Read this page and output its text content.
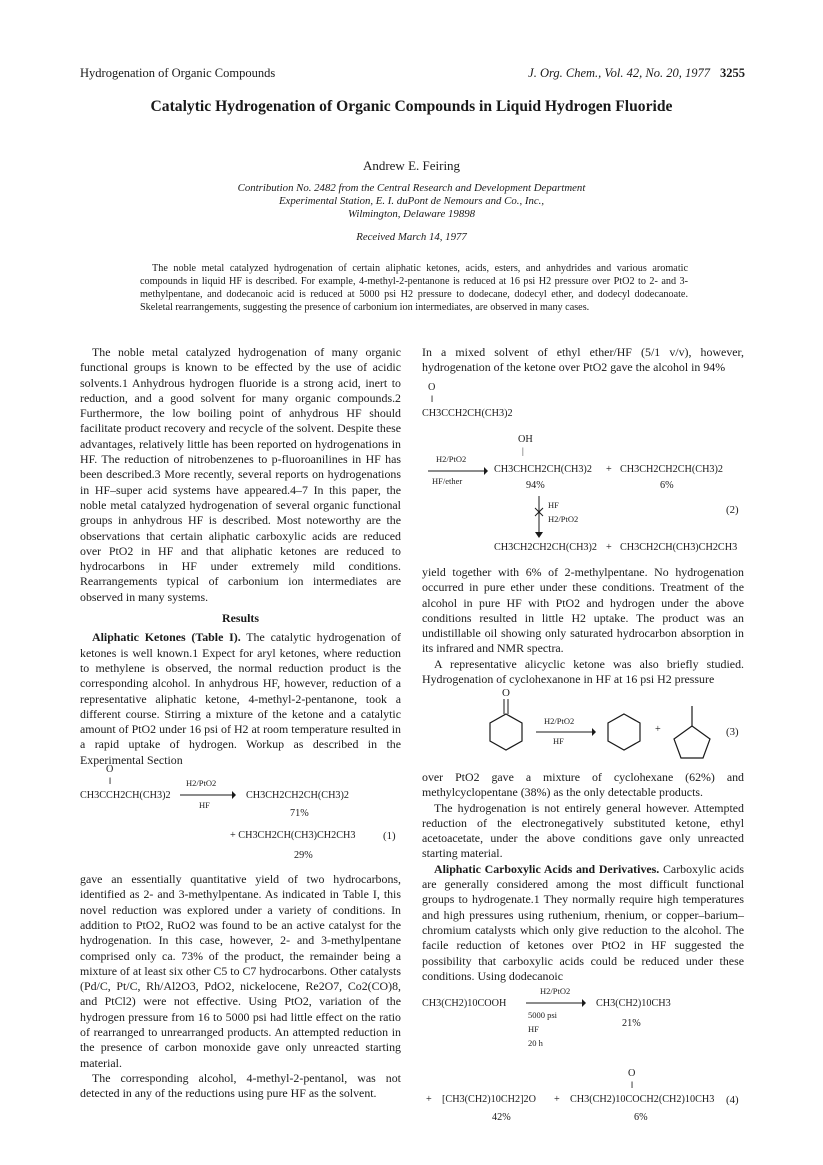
Hydrogenation of Organic Compounds	J. Org. Chem., Vol. 42, No. 20, 1977 3255
Catalytic Hydrogenation of Organic Compounds in Liquid Hydrogen Fluoride
Andrew E. Feiring
Contribution No. 2482 from the Central Research and Development Department
Experimental Station, E. I. duPont de Nemours and Co., Inc.,
Wilmington, Delaware 19898
Received March 14, 1977
The noble metal catalyzed hydrogenation of certain aliphatic ketones, acids, esters, and anhydrides and various aromatic compounds in liquid HF is described. For example, 4-methyl-2-pentanone is reduced at 16 psi H2 pressure over PtO2 to 2- and 3-methylpentane, and dodecanoic acid is reduced at 5000 psi H2 pressure to dodecane, dodecyl ether, and dodecyl dodecanoate. Skeletal rearrangements, suggesting the presence of carbonium ion intermediates, are observed in many cases.

The noble metal catalyzed hydrogenation of many organic functional groups is known to be effected by the use of acidic solvents.1 Anhydrous hydrogen fluoride is a strong acid, inert to reduction, and a good solvent for many organic compounds.2 Furthermore, the low boiling point of anhydrous HF should facilitate product recovery and recycle of the solvent. Despite these advantages, relatively little has been reported on hydrogenations in HF. The reduction of nitrobenzenes to p-fluoroanilines in HF has been described.3 More recently, several reports on hydrogenations in HF–super acid systems have appeared.4–7 In this paper, the noble metal catalyzed hydrogenation of several organic functional groups in anhydrous HF is described. Most noteworthy are the observations that certain aliphatic carboxylic acids are reduced over PtO2 in HF and that aliphatic ketones are reduced to hydrocarbons in HF under extremely mild conditions. Rearrangements typical of carbonium ion intermediates are observed in many systems.

Results

Aliphatic Ketones (Table I). The catalytic hydrogenation of ketones is well known.1 Expect for aryl ketones, where reduction to methylene is observed, the normal reduction product is the corresponding alcohol. In anhydrous HF, however, reduction of a representative aliphatic ketone, 4-methyl-2-pentanone, took a different course. Stirring a mixture of the ketone and a catalytic amount of PtO2 under 16 psi of H2 at room temperature resulted in a rapid uptake of hydrogen. Workup as described in the Experimental Section

gave an essentially quantitative yield of two hydrocarbons, identified as 2- and 3-methylpentane. As indicated in Table I, this novel reduction was explored under a variety of conditions. In addition to PtO2, RuO2 was found to be an active catalyst for the hydrogenation. In this case, however, 2- and 3-methylpentane comprised only ca. 73% of the product, the remainder being a mixture of at least six other C5 to C7 hydrocarbons. Other catalysts (Pd/C, Pt/C, Rh/Al2O3, PdO2, nickelocene, Re2O7, Co2(CO)8, and PtCl2) were not effective. Using PtO2, variation of the hydrogen pressure from 16 to 5000 psi had little effect on the ratio of rearranged to unrearranged products. An attempted reduction in the presence of carbon monoxide gave only unreacted starting material.

The corresponding alcohol, 4-methyl-2-pentanol, was not detected in any of the reductions using pure HF as the solvent.

O
‖
CH3CCH2CH(CH3)2
H2/PtO2
HF
CH3CH2CH2CH(CH3)2
71%
+ CH3CH2CH(CH3)CH2CH3	(1)
29%

In a mixed solvent of ethyl ether/HF (5/1 v/v), however, hydrogenation of the ketone over PtO2 gave the alcohol in 94%

O
‖
CH3CCH2CH(CH3)2
OH
|
H2/PtO2
HF/ether
CH3CHCH2CH(CH3)2 + CH3CH2CH2CH(CH3)2
94%	6%
HF
H2/PtO2
(2)
CH3CH2CH2CH(CH3)2 + CH3CH2CH(CH3)CH2CH3

yield together with 6% of 2-methylpentane. No hydrogenation occurred in pure ether under these conditions. Treatment of the alcohol in pure HF with PtO2 and hydrogen under the above conditions resulted in little H2 uptake. The product was an undistillable oil showing only saturated hydrocarbon absorption in its infrared and NMR spectra.

A representative alicyclic ketone was also briefly studied. Hydrogenation of cyclohexanone in HF at 16 psi H2 pressure

O
H2/PtO2
HF
+	(3)

over PtO2 gave a mixture of cyclohexane (62%) and methylcyclopentane (38%) as the only detectable products.

The hydrogenation is not entirely general however. Attempted reduction of the electronegatively substituted ketone, ethyl acetoacetate, under the above conditions gave only unreacted starting material.

Aliphatic Carboxylic Acids and Derivatives. Carboxylic acids are generally considered among the most difficult functional groups to hydrogenate.1 They normally require high temperatures and high pressures using ruthenium, rhenium, or copper–barium–chromium catalysts which only give reduction to the alcohol. The facile reduction of ketones over PtO2 in HF suggested the possibility that carboxylic acids could be reduced under these conditions. Using dodecanoic

CH3(CH2)10COOH
H2/PtO2
5000 psi
HF
20 h
CH3(CH2)10CH3
21%
O
‖
+ [CH3(CH2)10CH2]2O + CH3(CH2)10COCH2(CH2)10CH3 (4)
42%	6%
